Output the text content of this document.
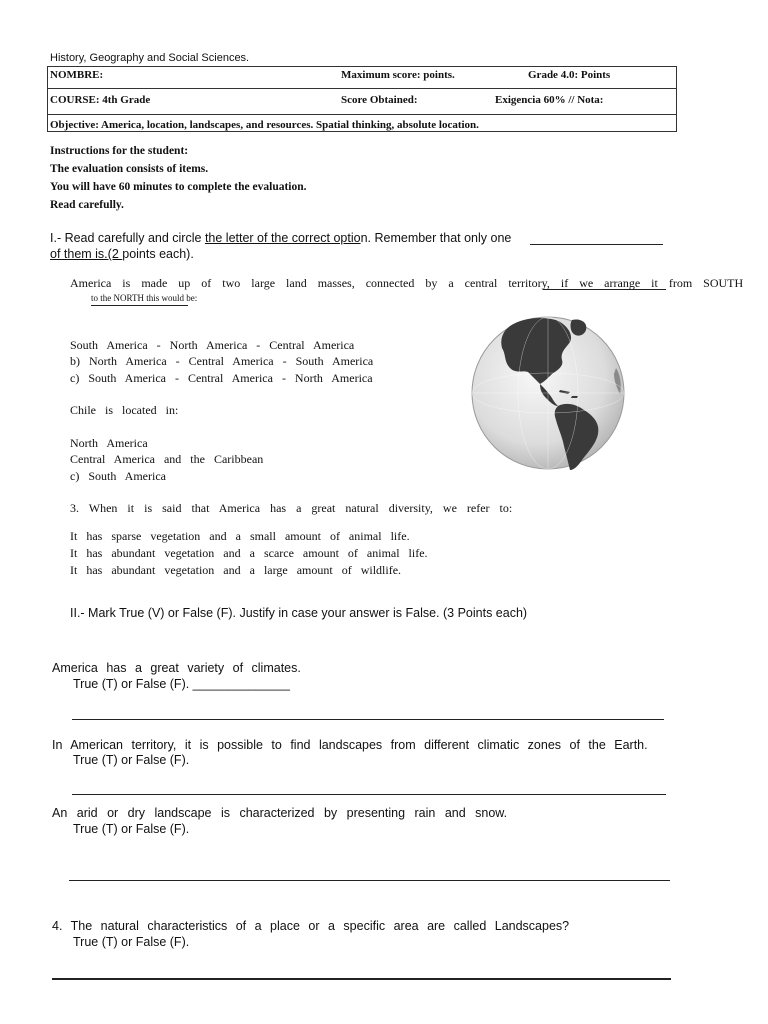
History, Geography and Social Sciences.
NOMBRE:	Maximum score: points.	Grade 4.0: Points
COURSE: 4th Grade	Score Obtained:	Exigencia 60% // Nota:
Objective: America, location, landscapes, and resources. Spatial thinking, absolute location.
Instructions for the student:
The evaluation consists of items.
You will have 60 minutes to complete the evaluation.
Read carefully.
I.- Read carefully and circle the letter of the correct option. Remember that only one
of them is.(2 points each).
America is made up of two large land masses, connected by a central territory, if we arrange it from SOUTH
to the NORTH this would be:
South America - North America - Central America
b) North America - Central America - South America
c) South America - Central America - North America
Chile is located in:
North America
Central America and the Caribbean
c) South America
3. When it is said that America has a great natural diversity, we refer to:
It has sparse vegetation and a small amount of animal life.
It has abundant vegetation and a scarce amount of animal life.
It has abundant vegetation and a large amount of wildlife.
II.- Mark True (V) or False (F). Justify in case your answer is False. (3 Points each)
America has a great variety of climates.
True (T) or False (F). ______________
In American territory, it is possible to find landscapes from different climatic zones of the Earth.
True (T) or False (F).
An arid or dry landscape is characterized by presenting rain and snow.
True (T) or False (F).
4. The natural characteristics of a place or a specific area are called Landscapes?
True (T) or False (F).
